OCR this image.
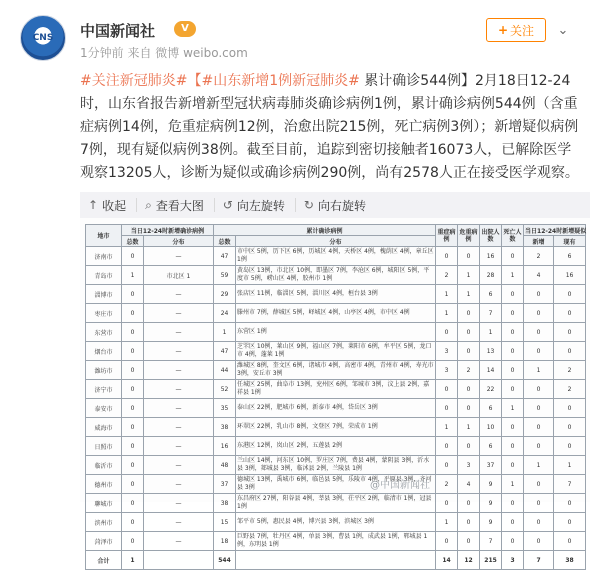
CNS 中国新闻社	V
1分钟前 来自 微博 weibo.com
+ 关注 ⌄
#关注新冠肺炎#【#山东新增1例新冠肺炎# 累计确诊544例】2月18日12-24时，山东省报告新增新型冠状病毒肺炎确诊病例1例，累计确诊病例544例（含重症病例14例，危重症病例12例，治愈出院215例，死亡病例3例）；新增疑似病例7例，现有疑似病例38例。截至目前，追踪到密切接触者16073人，已解除医学观察13205人，诊断为疑似或确诊病例290例，尚有2578人正在接受医学观察。
↑ 收起 ⌕ 查看大图 ↺ 向左旋转 ↻ 向右旋转
地市	当日12-24时新增确诊病例		累计确诊病例		重症病例	危重病例	出院人数	死亡人数	当日12-24时新增疑似	
	总数	分布	总数	分布					新增	现有
济南市	0	—	47	市中区 5例，历下区 6例，历城区 4例，天桥区 4例，槐荫区 4例，章丘区 1例	0	0	16	0	2	6
青岛市	1	市北区 1	59	黄岛区 13例，市北区 10例，即墨区 7例，李沧区 6例，城阳区 5例，平度市 5例，崂山区 4例，胶州市 1例	2	1	28	1	4	16
淄博市	0	—	29	张店区 11例，临淄区 5例，淄川区 4例，桓台县 3例	1	1	6	0	0	0
枣庄市	0	—	24	滕州市 7例，薛城区 5例，峄城区 4例，山亭区 4例，市中区 4例	1	0	7	0	0	0
东营市	0	—	1	东营区 1例	0	0	1	0	0	0
烟台市	0	—	47	芝罘区 10例，莱山区 9例，福山区 7例，莱阳市 6例，牟平区 5例，龙口市 4例，蓬莱 1例	3	0	13	0	0	0
潍坊市	0	—	44	潍城区 8例，奎文区 6例，诸城市 4例，高密市 4例，青州市 4例，寿光市 3例，安丘市 3例	3	2	14	0	1	2
济宁市	0	—	52	任城区 25例，曲阜市 13例，兖州区 6例，邹城市 3例，汶上县 2例，嘉祥县 1例	0	0	22	0	0	2
泰安市	0	—	35	泰山区 22例，肥城市 6例，新泰市 4例，岱岳区 3例	0	0	6	1	0	0
威海市	0	—	38	环翠区 22例，乳山市 8例，文登区 7例，荣成市 1例	1	1	10	0	0	0
日照市	0	—	16	东港区 12例，岚山区 2例，五莲县 2例	0	0	6	0	0	0
临沂市	0	—	48	兰山区 14例，河东区 10例，罗庄区 7例，费县 4例，蒙阴县 3例，沂水县 3例，郯城县 3例，临沭县 2例，兰陵县 1例	0	3	37	0	1	1
德州市	0	—	37	德城区 13例，禹城市 6例，临邑县 5例，乐陵市 4例，平原县 3例，齐河县 3例	2	4	9	1	0	7
聊城市	0	—	38	东昌府区 27例，阳谷县 4例，莘县 3例，茌平区 2例，临清市 1例，冠县 1例	0	0	9	0	0	0
滨州市	0	—	15	邹平市 5例，惠民县 4例，博兴县 3例，滨城区 3例	1	0	9	0	0	0
菏泽市	0	—	18	巨野县 7例，牡丹区 4例，单县 3例，曹县 1例，成武县 1例，郓城县 1例，东明县 1例	0	0	7	0	0	0
合计	1		544		14	12	215	3	7	38
@中国新闻社
